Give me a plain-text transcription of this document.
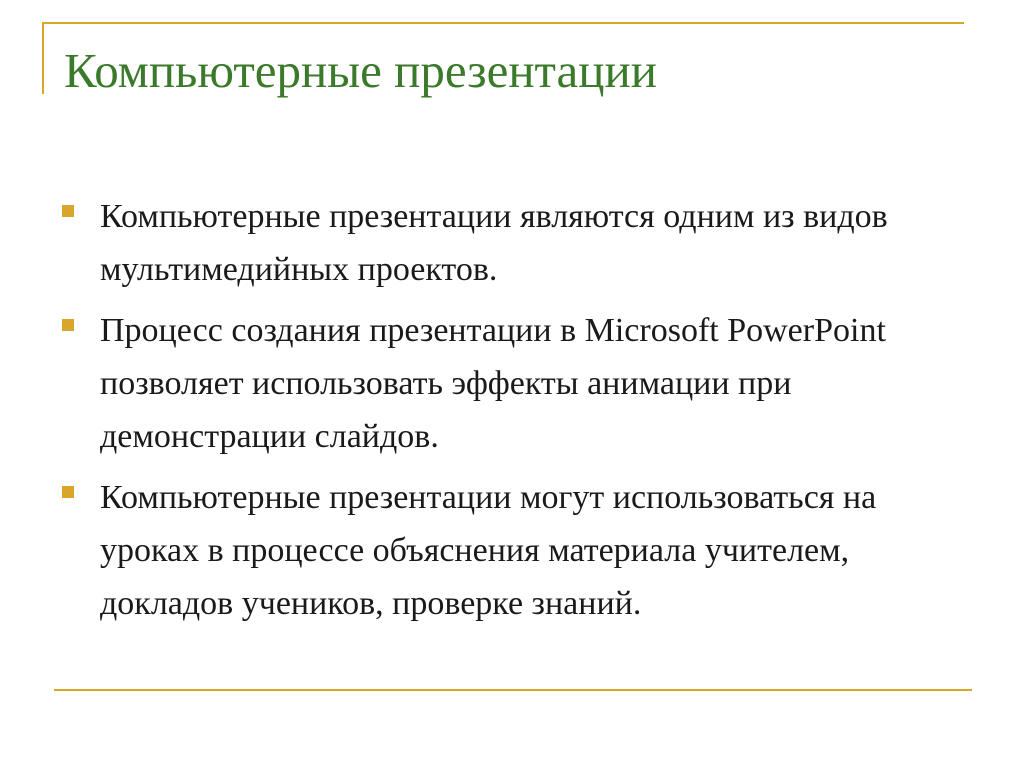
Компьютерные презентации
Компьютерные презентации являются одним из видов мультимедийных проектов.
Процесс создания презентации в Microsoft PowerPoint позволяет использовать эффекты анимации при демонстрации слайдов.
Компьютерные презентации могут использоваться на уроках в процессе объяснения материала учителем, докладов учеников, проверке знаний.
